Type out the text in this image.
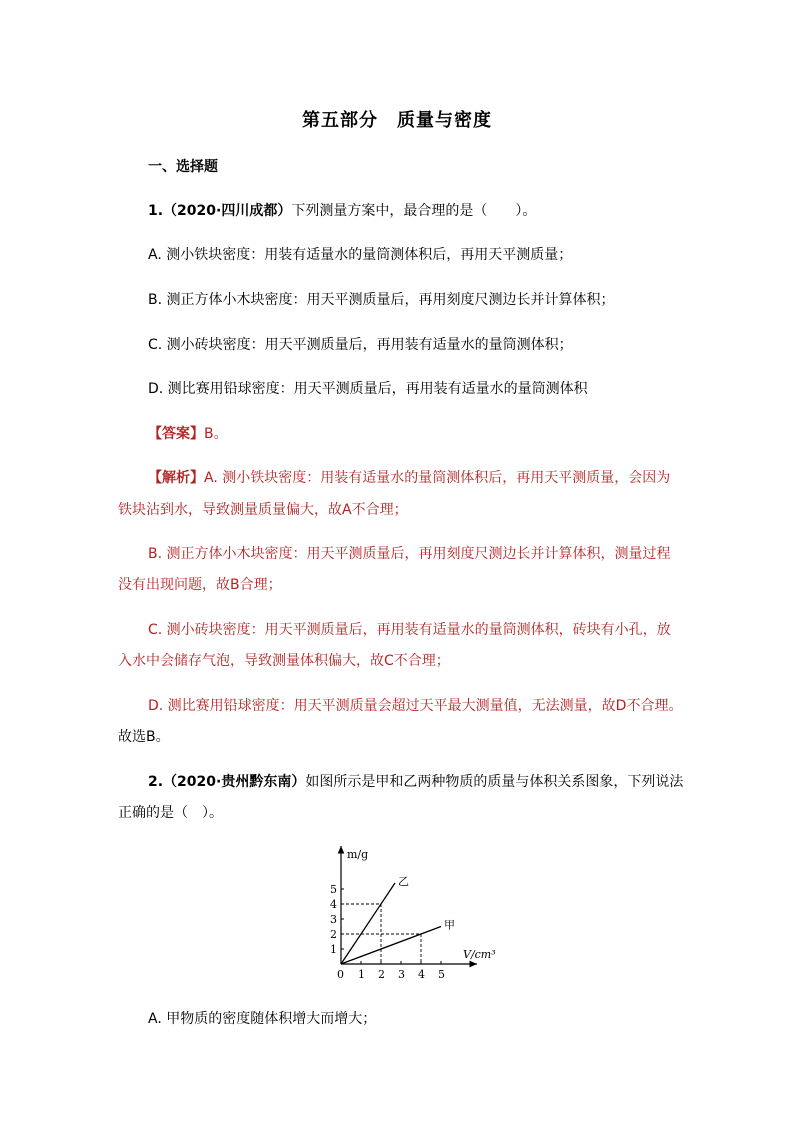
第五部分　质量与密度
一、选择题
1.（2020·四川成都）下列测量方案中，最合理的是（　　）。
A. 测小铁块密度：用装有适量水的量筒测体积后，再用天平测质量；
B. 测正方体小木块密度：用天平测质量后，再用刻度尺测边长并计算体积；
C. 测小砖块密度：用天平测质量后，再用装有适量水的量筒测体积；
D. 测比赛用铅球密度：用天平测质量后，再用装有适量水的量筒测体积
【答案】B。
【解析】A. 测小铁块密度：用装有适量水的量筒测体积后，再用天平测质量，会因为
铁块沾到水，导致测量质量偏大，故A不合理；
B. 测正方体小木块密度：用天平测质量后，再用刻度尺测边长并计算体积，测量过程
没有出现问题，故B合理；
C. 测小砖块密度：用天平测质量后，再用装有适量水的量筒测体积，砖块有小孔，放
入水中会储存气泡，导致测量体积偏大，故C不合理；
D. 测比赛用铅球密度：用天平测质量会超过天平最大测量值，无法测量，故D不合理。
故选B。
2.（2020·贵州黔东南）如图所示是甲和乙两种物质的质量与体积关系图象，下列说法
正确的是（　）。
m/g
V/cm³
0 1 2 3 4 5
1
2
3
4
5
乙
甲
A. 甲物质的密度随体积增大而增大；
